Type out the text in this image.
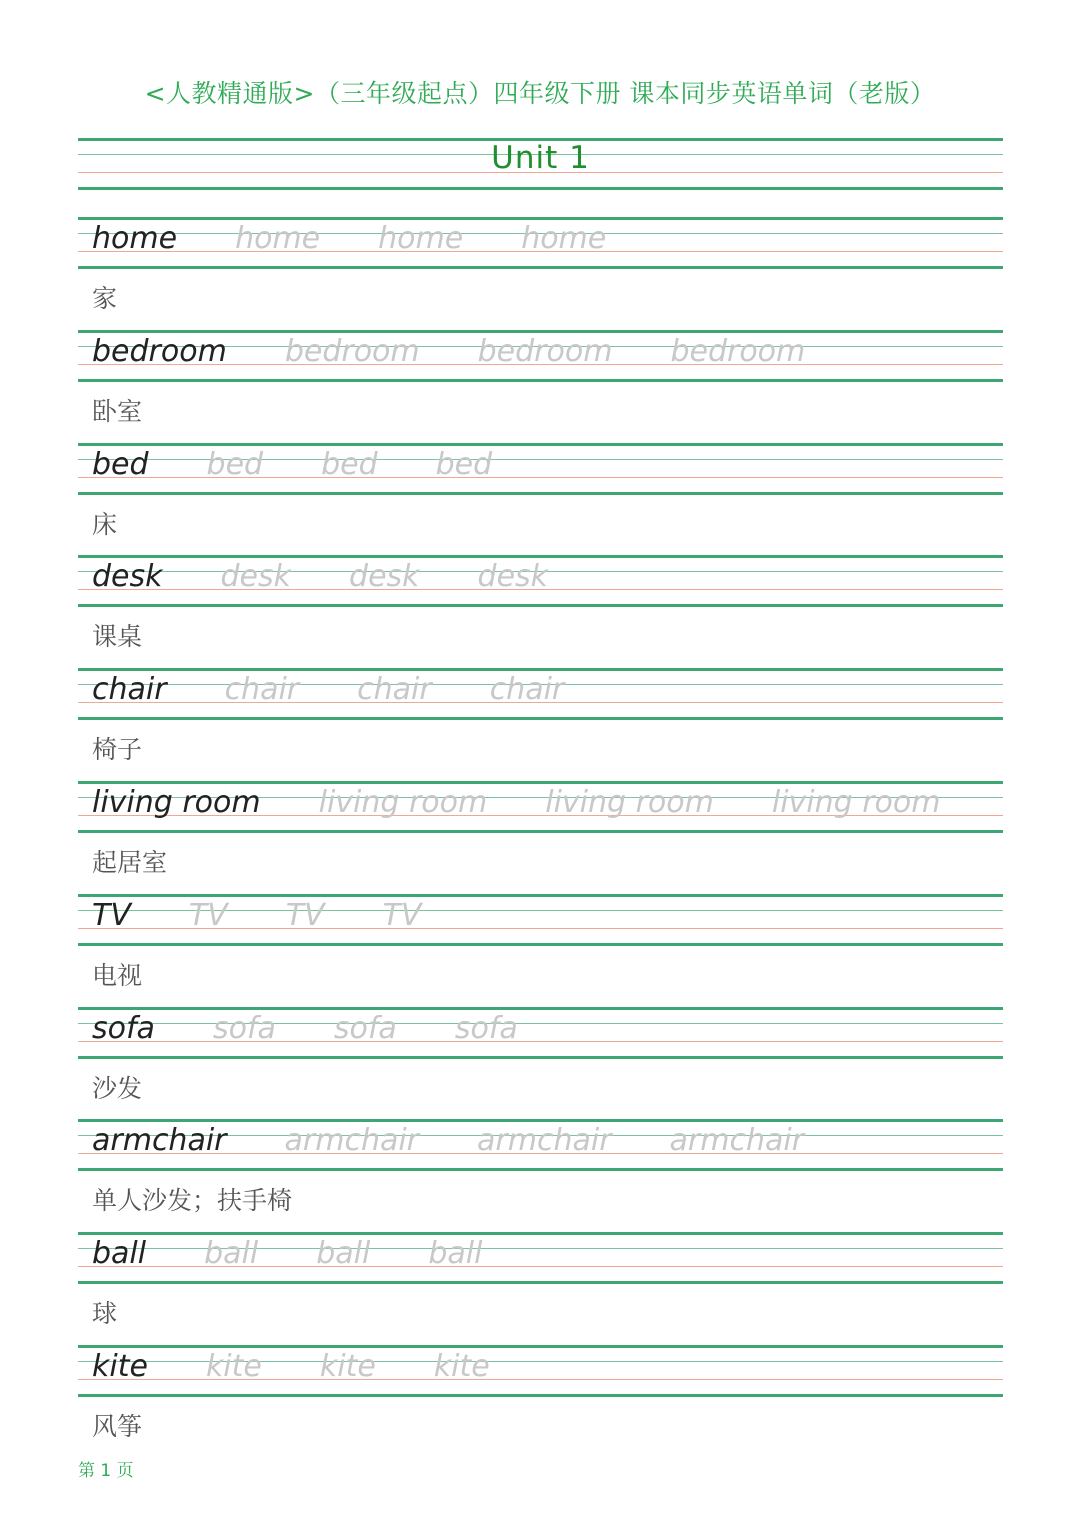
<人教精通版>（三年级起点）四年级下册 课本同步英语单词（老版）
Unit 1
home home home home
家
bedroom bedroom bedroom bedroom
卧室
bed bed bed bed
床
desk desk desk desk
课桌
chair chair chair chair
椅子
living room living room living room living room
起居室
TV TV TV TV
电视
sofa sofa sofa sofa
沙发
armchair armchair armchair armchair
单人沙发；扶手椅
ball ball ball ball
球
kite kite kite kite
风筝
第 1 页
